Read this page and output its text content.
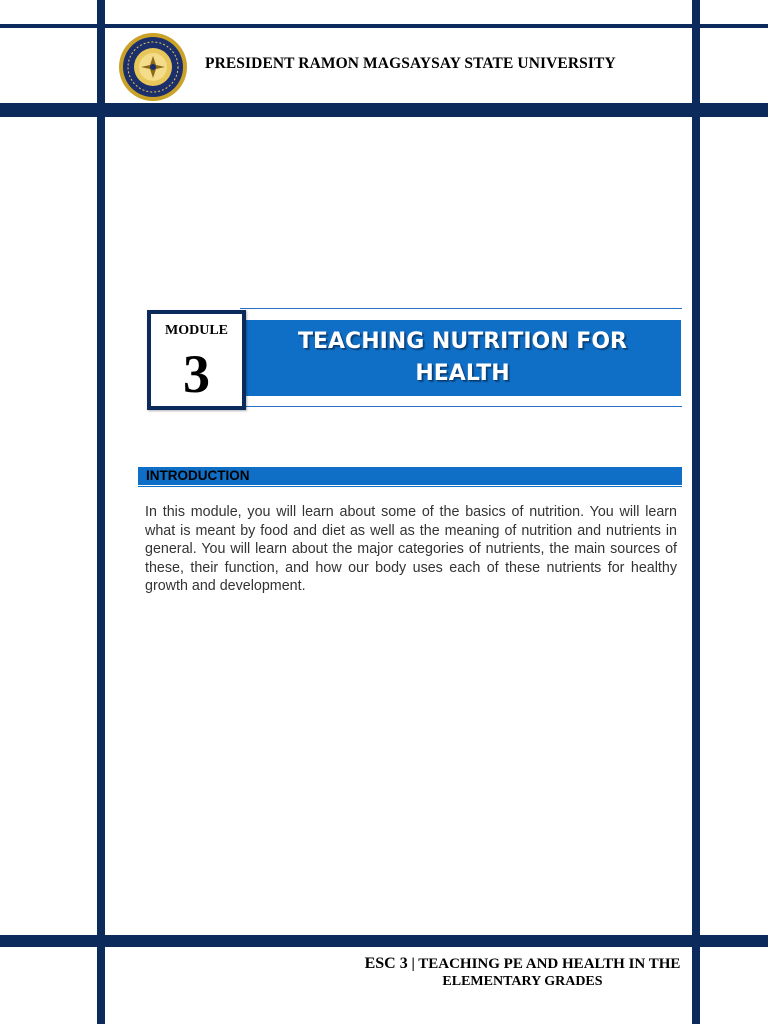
PRESIDENT RAMON MAGSAYSAY STATE UNIVERSITY
TEACHING NUTRITION FOR
HEALTH
MODULE
3
INTRODUCTION

In this module, you will learn about some of the basics of nutrition. You will learn what is meant by food and diet as well as the meaning of nutrition and nutrients in general. You will learn about the major categories of nutrients, the main sources of these, their function, and how our body uses each of these nutrients for healthy growth and development.

ESC 3 | TEACHING PE AND HEALTH IN THE
ELEMENTARY GRADES
